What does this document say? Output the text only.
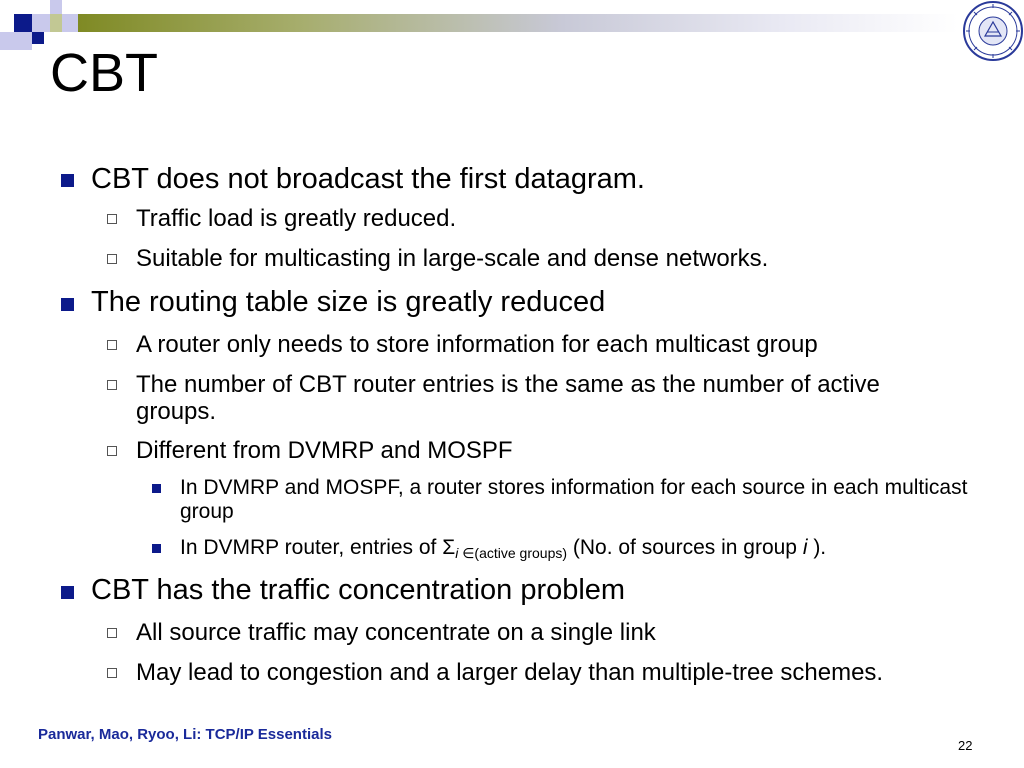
CBT
CBT does not broadcast the first datagram.
Traffic load is greatly reduced.
Suitable for multicasting in large-scale and dense networks.
The routing table size is greatly reduced
A router only needs to store information for each multicast group
The number of CBT router entries is the same as the number of active groups.
Different from DVMRP and MOSPF
In DVMRP and MOSPF, a router stores information for each source in each multicast group
In DVMRP router, entries of $\Sigma_{i \in(active groups)}$ (No. of sources in group i ).
CBT has the traffic concentration problem
All source traffic may concentrate on a single link
May lead to congestion and a larger delay than multiple-tree schemes.
Panwar, Mao, Ryoo, Li: TCP/IP Essentials
22
